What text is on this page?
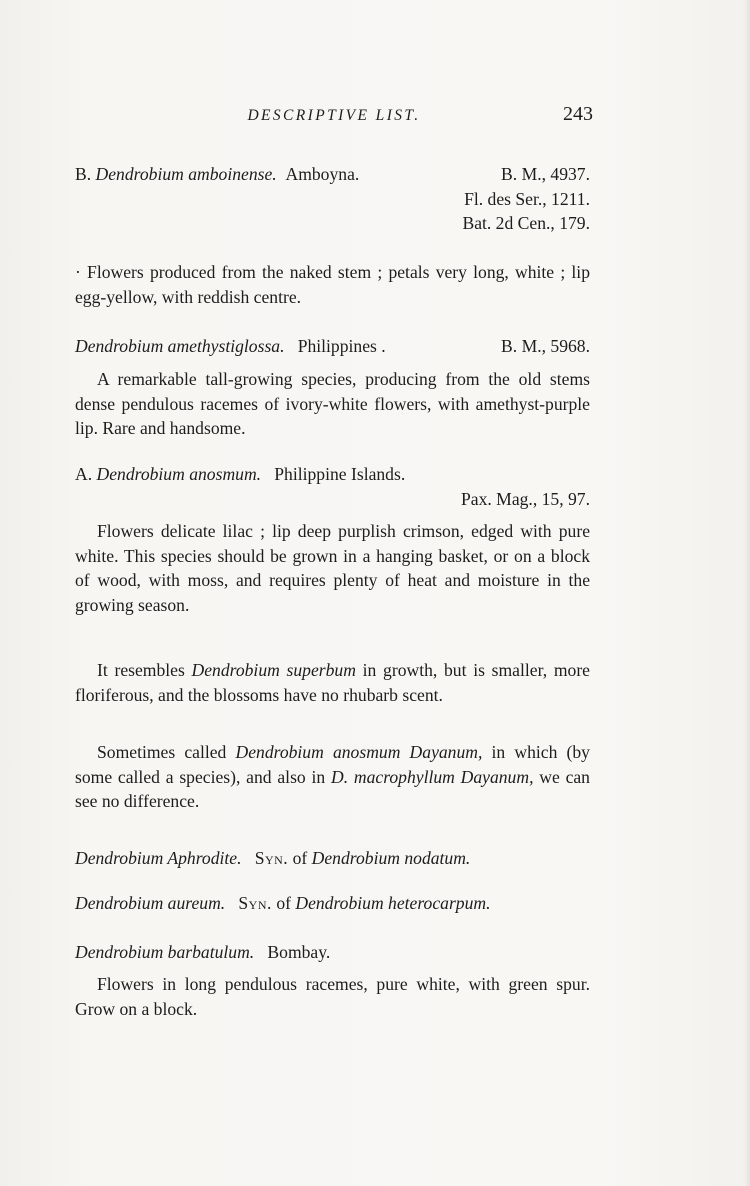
DESCRIPTIVE LIST.	243
B. Dendrobium amboinense. Amboyna.	B. M., 4937.
Fl. des Ser., 1211.
Bat. 2d Cen., 179.
· Flowers produced from the naked stem ; petals very long, white ; lip egg-yellow, with reddish centre.
Dendrobium amethystiglossa. Philippines .	B. M., 5968.
A remarkable tall-growing species, producing from the old stems dense pendulous racemes of ivory-white flowers, with amethyst-purple lip. Rare and handsome.
A. Dendrobium anosmum. Philippine Islands.
Pax. Mag., 15, 97.
Flowers delicate lilac ; lip deep purplish crimson, edged with pure white. This species should be grown in a hanging basket, or on a block of wood, with moss, and requires plenty of heat and moisture in the growing season.
It resembles Dendrobium superbum in growth, but is smaller, more floriferous, and the blossoms have no rhubarb scent.
Sometimes called Dendrobium anosmum Dayanum, in which (by some called a species), and also in D. macrophyllum Dayanum, we can see no difference.
Dendrobium Aphrodite. Syn. of Dendrobium nodatum.
Dendrobium aureum. Syn. of Dendrobium heterocarpum.
Dendrobium barbatulum. Bombay.
Flowers in long pendulous racemes, pure white, with green spur. Grow on a block.
